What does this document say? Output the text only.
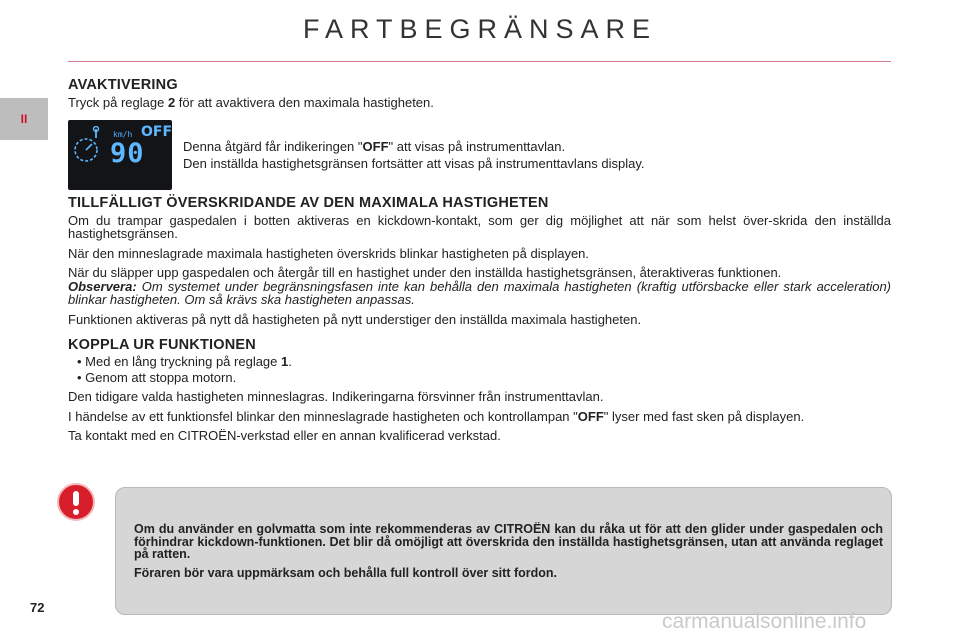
FARTBEGRÄNSARE
II
AVAKTIVERING

Tryck på reglage 2 för att avaktivera den maximala hastigheten.

km/h OFF
90	Denna åtgärd får indikeringen "OFF" att visas på instrumenttavlan.

Den inställda hastighetsgränsen fortsätter att visas på instrumenttavlans display.

TILLFÄLLIGT ÖVERSKRIDANDE AV DEN MAXIMALA HASTIGHETEN

Om du trampar gaspedalen i botten aktiveras en kickdown-kontakt, som ger dig möjlighet att när som helst över-skrida den inställda hastighetsgränsen.

När den minneslagrade maximala hastigheten överskrids blinkar hastigheten på displayen.

När du släpper upp gaspedalen och återgår till en hastighet under den inställda hastighetsgränsen, återaktiveras funktionen.

Observera: Om systemet under begränsningsfasen inte kan behålla den maximala hastigheten (kraftig utförsbacke eller stark acceleration) blinkar hastigheten. Om så krävs ska hastigheten anpassas.

Funktionen aktiveras på nytt då hastigheten på nytt understiger den inställda maximala hastigheten.

KOPPLA UR FUNKTIONEN

• Med en lång tryckning på reglage 1.

• Genom att stoppa motorn.

Den tidigare valda hastigheten minneslagras. Indikeringarna försvinner från instrumenttavlan.

I händelse av ett funktionsfel blinkar den minneslagrade hastigheten och kontrollampan "OFF" lyser med fast sken på displayen.

Ta kontakt med en CITROËN-verkstad eller en annan kvalificerad verkstad.

Om du använder en golvmatta som inte rekommenderas av CITROËN kan du råka ut för att den glider under gaspedalen och förhindrar kickdown-funktionen. Det blir då omöjligt att överskrida den inställda hastighetsgränsen, utan att använda reglaget på ratten.

Föraren bör vara uppmärksam och behålla full kontroll över sitt fordon.

72
carmanualsonline.info
